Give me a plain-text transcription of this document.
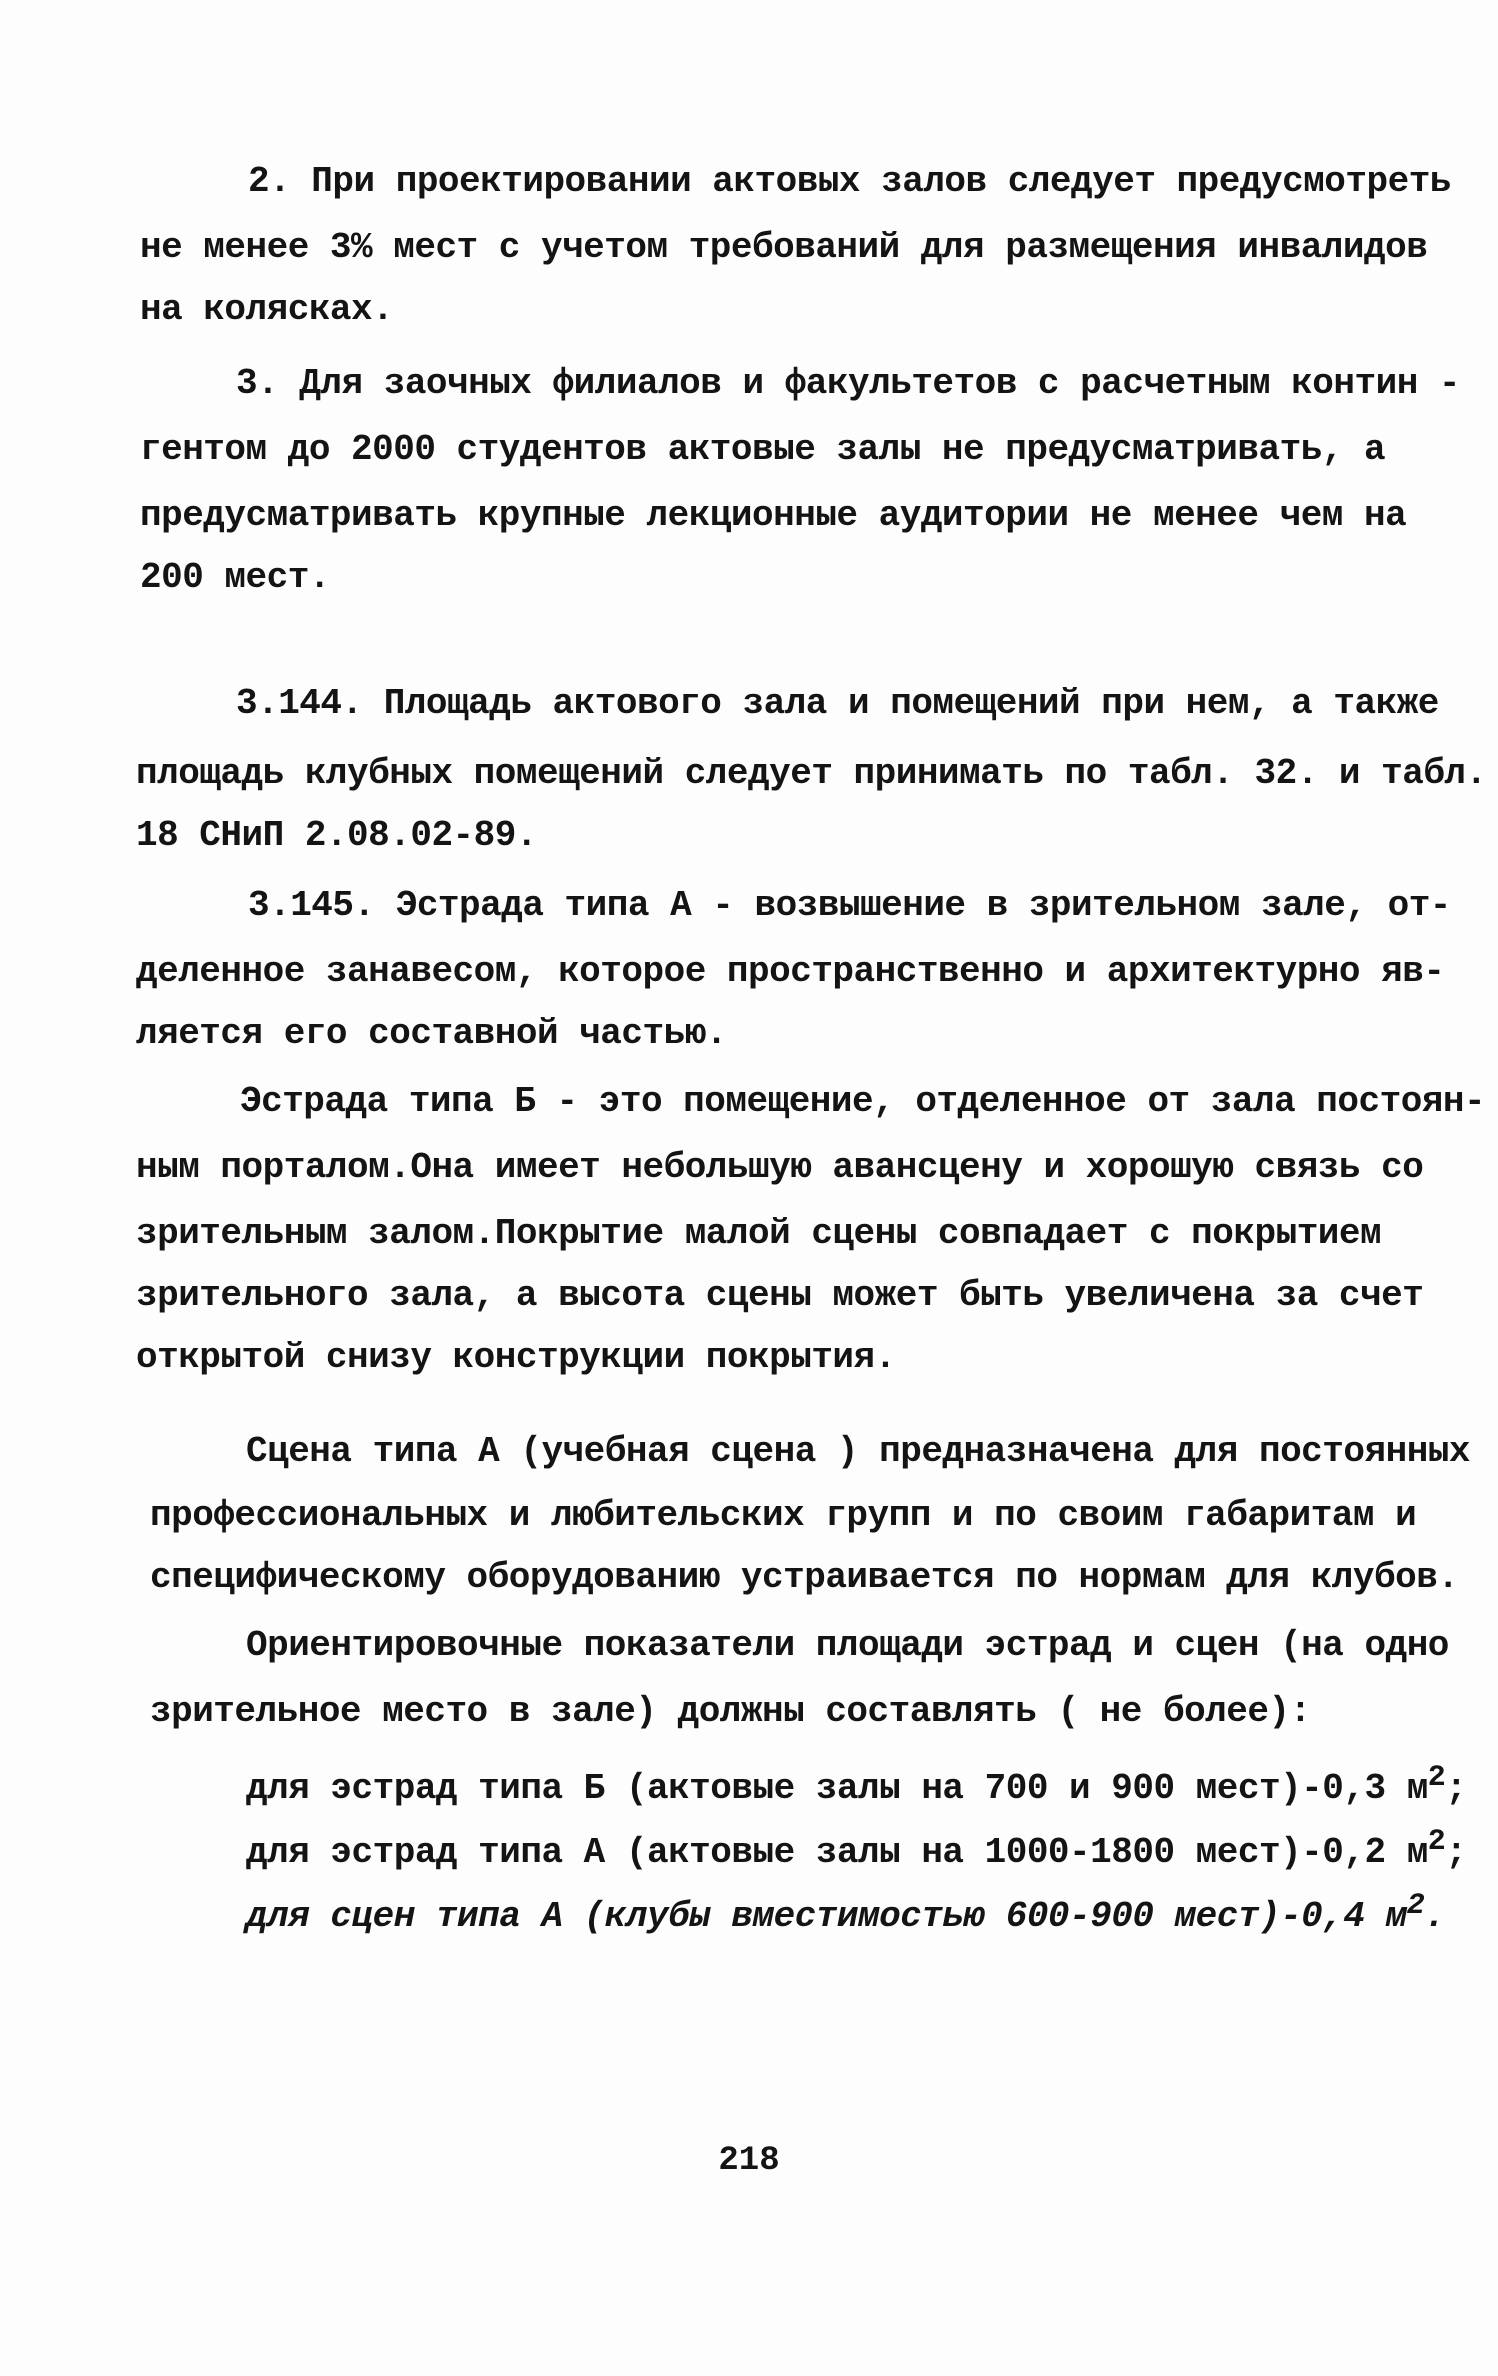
2. При проектировании актовых залов следует предусмотреть

не менее 3% мест с учетом требований для размещения инвалидов

на колясках.

3. Для заочных филиалов и факультетов с расчетным контин -

гентом до 2000 студентов актовые залы не предусматривать, а

предусматривать крупные лекционные аудитории не менее чем на

200 мест.

3.144. Площадь актового зала и помещений при нем, а также

площадь клубных помещений следует принимать по табл. 32. и табл.

18 СНиП 2.08.02-89.

3.145. Эстрада типа А - возвышение в зрительном зале, от-

деленное занавесом, которое пространственно и архитектурно яв-

ляется его составной частью.

Эстрада типа Б - это помещение, отделенное от зала постоян-

ным порталом.Она имеет небольшую авансцену и хорошую связь со

зрительным залом.Покрытие малой сцены совпадает с покрытием

зрительного зала, а высота сцены может быть увеличена за счет

открытой снизу конструкции покрытия.

Сцена типа А (учебная сцена ) предназначена для постоянных

профессиональных и любительских групп и по своим габаритам и

специфическому оборудованию устраивается по нормам для клубов.

Ориентировочные показатели площади эстрад и сцен (на одно

зрительное место в зале) должны составлять ( не более):

для эстрад типа Б (актовые залы на 700 и 900 мест)-0,3 $м^2$;

для эстрад типа А (актовые залы на 1000-1800 мест)-0,2 $м^2$;

для сцен типа А (клубы вместимостью 600-900 мест)-0,4 $м^2$.

218
